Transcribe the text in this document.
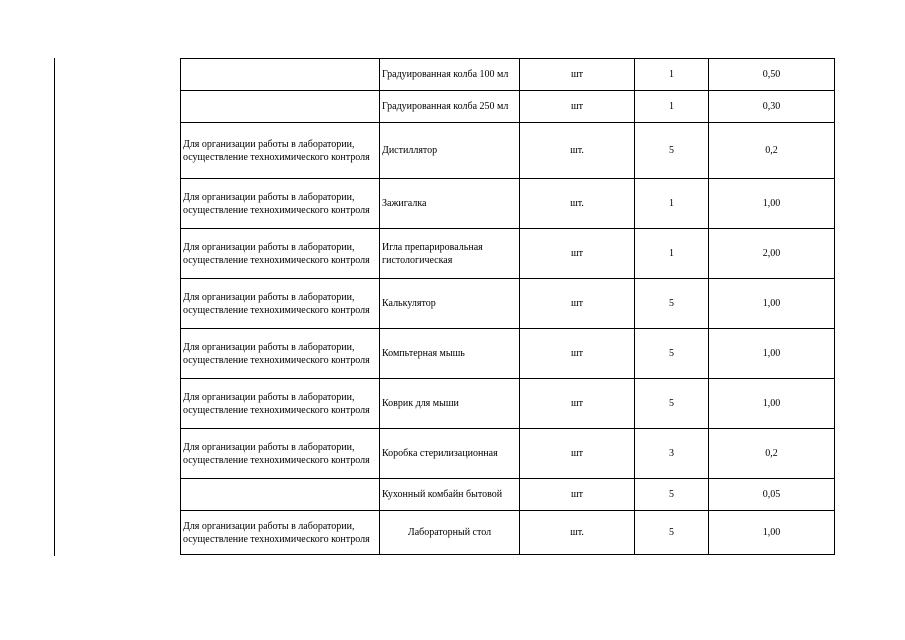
	Градуированная колба 100 мл	шт	1	0,50
	Градуированная колба 250 мл	шт	1	0,30
Для организации работы в лаборатории, осуществление технохимического контроля	Дистиллятор	шт.	5	0,2
Для организации работы в лаборатории, осуществление технохимического контроля	Зажигалка	шт.	1	1,00
Для организации работы в лаборатории, осуществление технохимического контроля	Игла препарировальная гистологическая	шт	1	2,00
Для организации работы в лаборатории, осуществление технохимического контроля	Калькулятор	шт	5	1,00
Для организации работы в лаборатории, осуществление технохимического контроля	Компьтерная мышь	шт	5	1,00
Для организации работы в лаборатории, осуществление технохимического контроля	Коврик для мыши	шт	5	1,00
Для организации работы в лаборатории, осуществление технохимического контроля	Коробка стерилизационная	шт	3	0,2
	Кухонный комбайн бытовой	шт	5	0,05
Для организации работы в лаборатории, осуществление технохимического контроля	Лабораторный стол	шт.	5	1,00
